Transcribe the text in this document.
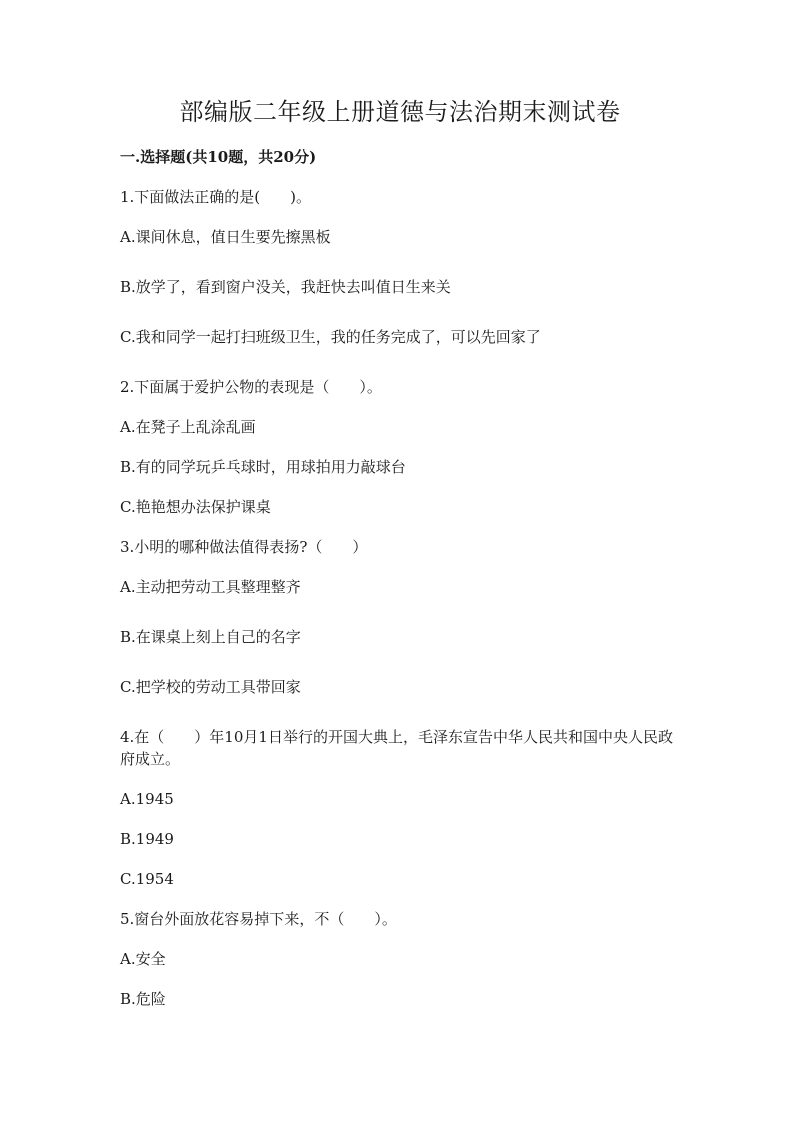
部编版二年级上册道德与法治期末测试卷
一.选择题(共10题，共20分)
1.下面做法正确的是(　　)。
A.课间休息，值日生要先擦黑板
B.放学了，看到窗户没关，我赶快去叫值日生来关
C.我和同学一起打扫班级卫生，我的任务完成了，可以先回家了
2.下面属于爱护公物的表现是（　　）。
A.在凳子上乱涂乱画
B.有的同学玩乒乓球时，用球拍用力敲球台
C.艳艳想办法保护课桌
3.小明的哪种做法值得表扬?（　　）
A.主动把劳动工具整理整齐
B.在课桌上刻上自己的名字
C.把学校的劳动工具带回家
4.在（　　）年10月1日举行的开国大典上，毛泽东宣告中华人民共和国中央人民政府成立。
A.1945
B.1949
C.1954
5.窗台外面放花容易掉下来，不（　　）。
A.安全
B.危险
